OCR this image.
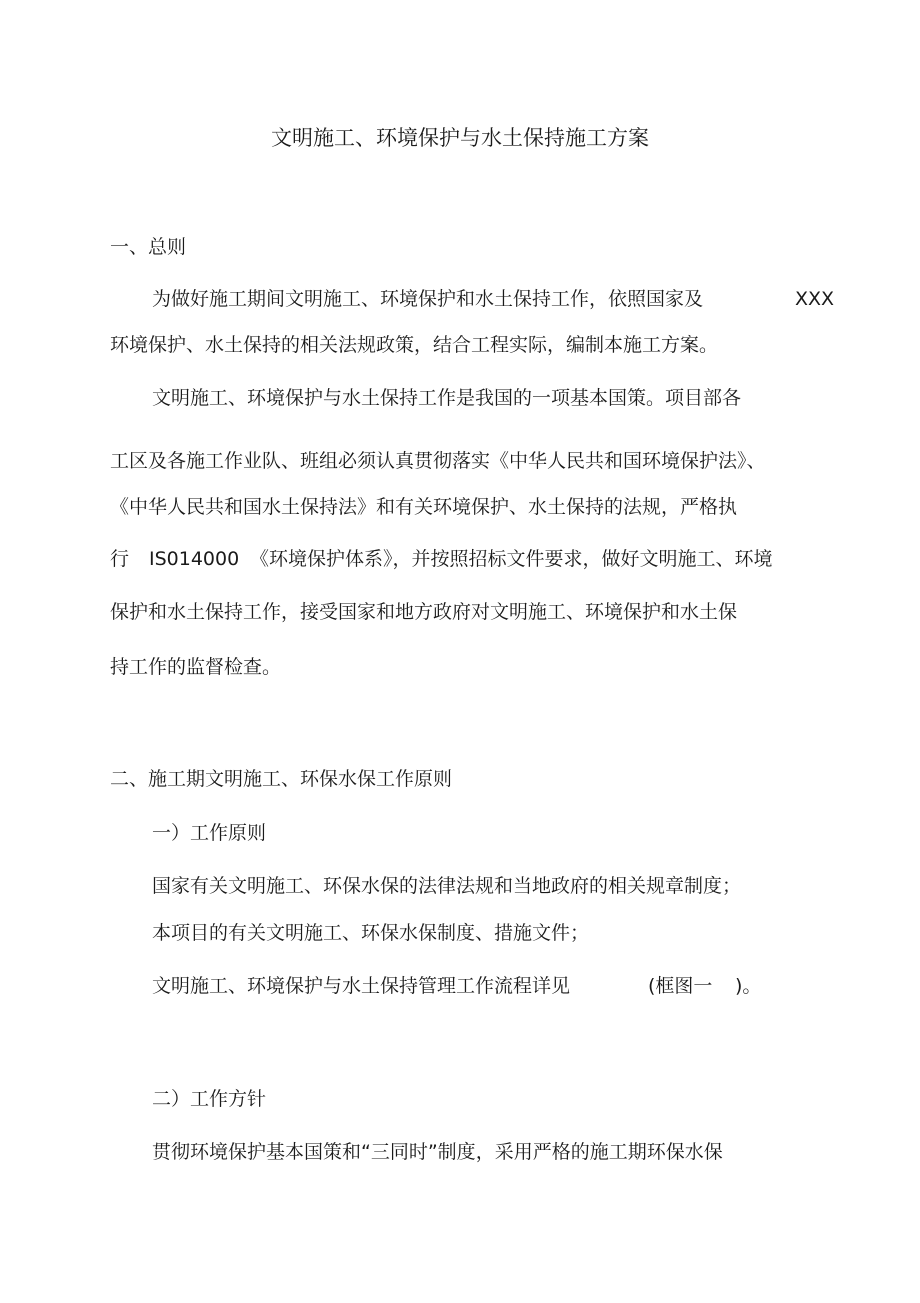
文明施工、环境保护与水土保持施工方案
一、总则
为做好施工期间文明施工、环境保护和水土保持工作，依照国家及	XXX
环境保护、水土保持的相关法规政策，结合工程实际，编制本施工方案。
文明施工、环境保护与水土保持工作是我国的一项基本国策。项目部各
工区及各施工作业队、班组必须认真贯彻落实《中华人民共和国环境保护法》、
《中华人民共和国水土保持法》和有关环境保护、水土保持的法规，严格执
行 IS014000 《环境保护体系》，并按照招标文件要求，做好文明施工、环境
保护和水土保持工作，接受国家和地方政府对文明施工、环境保护和水土保
持工作的监督检查。
二、施工期文明施工、环保水保工作原则
一）工作原则
国家有关文明施工、环保水保的法律法规和当地政府的相关规章制度；
本项目的有关文明施工、环保水保制度、措施文件；
文明施工、环境保护与水土保持管理工作流程详见	(框图一 )。
二）工作方针
贯彻环境保护基本国策和“三同时”制度，采用严格的施工期环保水保
